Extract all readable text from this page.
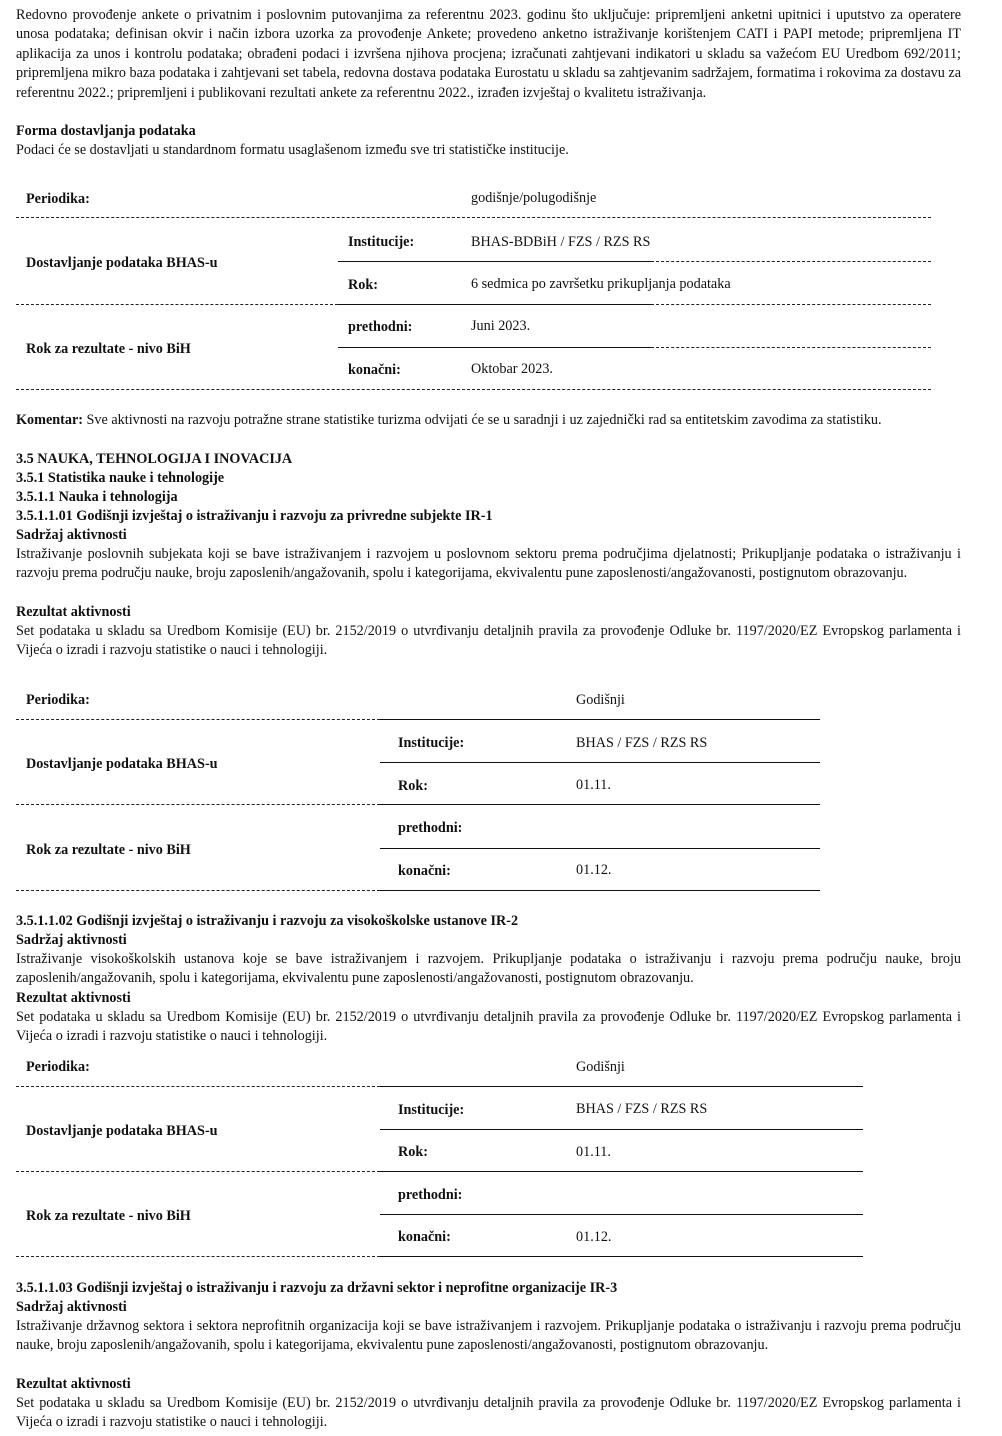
Redovno provođenje ankete o privatnim i poslovnim putovanjima za referentnu 2023. godinu što uključuje: pripremljeni anketni upitnici i uputstvo za operatere unosa podataka; definisan okvir i način izbora uzorka za provođenje Ankete; provedeno anketno istraživanje korištenjem CATI i PAPI metode; pripremljena IT aplikacija za unos i kontrolu podataka; obrađeni podaci i izvršena njihova procjena; izračunati zahtjevani indikatori u skladu sa važećom EU Uredbom 692/2011; pripremljena mikro baza podataka i zahtjevani set tabela, redovna dostava podataka Eurostatu u skladu sa zahtjevanim sadržajem, formatima i rokovima za dostavu za referentnu 2022.; pripremljeni i publikovani rezultati ankete za referentnu 2022., izrađen izvještaj o kvalitetu istraživanja.

Forma dostavljanja podataka

Podaci će se dostavljati u standardnom formatu usaglašenom između sve tri statističke institucije.

Periodika:	godišnje/polugodišnje
Dostavljanje podataka BHAS-u
Institucije:	BHAS-BDBiH / FZS / RZS RS
Rok:	6 sedmica po završetku prikupljanja podataka
Rok za rezultate - nivo BiH
prethodni:	Juni 2023.
konačni:	Oktobar 2023.

Komentar: Sve aktivnosti na razvoju potražne strane statistike turizma odvijati će se u saradnji i uz zajednički rad sa entitetskim zavodima za statistiku.

3.5 NAUKA, TEHNOLOGIJA I INOVACIJA

3.5.1 Statistika nauke i tehnologije

3.5.1.1 Nauka i tehnologija

3.5.1.1.01 Godišnji izvještaj o istraživanju i razvoju za privredne subjekte IR-1

Sadržaj aktivnosti

Istraživanje poslovnih subjekata koji se bave istraživanjem i razvojem u poslovnom sektoru prema područjima djelatnosti; Prikupljanje podataka o istraživanju i razvoju prema području nauke, broju zaposlenih/angažovanih, spolu i kategorijama, ekvivalentu pune zaposlenosti/angažovanosti, postignutom obrazovanju.

Rezultat aktivnosti

Set podataka u skladu sa Uredbom Komisije (EU) br. 2152/2019 o utvrđivanju detaljnih pravila za provođenje Odluke br. 1197/2020/EZ Evropskog parlamenta i Vijeća o izradi i razvoju statistike o nauci i tehnologiji.

Periodika:	Godišnji
Dostavljanje podataka BHAS-u
Institucije:	BHAS / FZS / RZS RS
Rok:	01.11.
Rok za rezultate - nivo BiH
prethodni:
konačni:	01.12.

3.5.1.1.02 Godišnji izvještaj o istraživanju i razvoju za visokoškolske ustanove IR-2

Sadržaj aktivnosti

Istraživanje visokoškolskih ustanova koje se bave istraživanjem i razvojem. Prikupljanje podataka o istraživanju i razvoju prema području nauke, broju zaposlenih/angažovanih, spolu i kategorijama, ekvivalentu pune zaposlenosti/angažovanosti, postignutom obrazovanju.

Rezultat aktivnosti

Set podataka u skladu sa Uredbom Komisije (EU) br. 2152/2019 o utvrđivanju detaljnih pravila za provođenje Odluke br. 1197/2020/EZ Evropskog parlamenta i Vijeća o izradi i razvoju statistike o nauci i tehnologiji.

Periodika:	Godišnji
Dostavljanje podataka BHAS-u
Institucije:	BHAS / FZS / RZS RS
Rok:	01.11.
Rok za rezultate - nivo BiH
prethodni:
konačni:	01.12.

3.5.1.1.03 Godišnji izvještaj o istraživanju i razvoju za državni sektor i neprofitne organizacije IR-3

Sadržaj aktivnosti

Istraživanje državnog sektora i sektora neprofitnih organizacija koji se bave istraživanjem i razvojem. Prikupljanje podataka o istraživanju i razvoju prema području nauke, broju zaposlenih/angažovanih, spolu i kategorijama, ekvivalentu pune zaposlenosti/angažovanosti, postignutom obrazovanju.

Rezultat aktivnosti

Set podataka u skladu sa Uredbom Komisije (EU) br. 2152/2019 o utvrđivanju detaljnih pravila za provođenje Odluke br. 1197/2020/EZ Evropskog parlamenta i Vijeća o izradi i razvoju statistike o nauci i tehnologiji.
